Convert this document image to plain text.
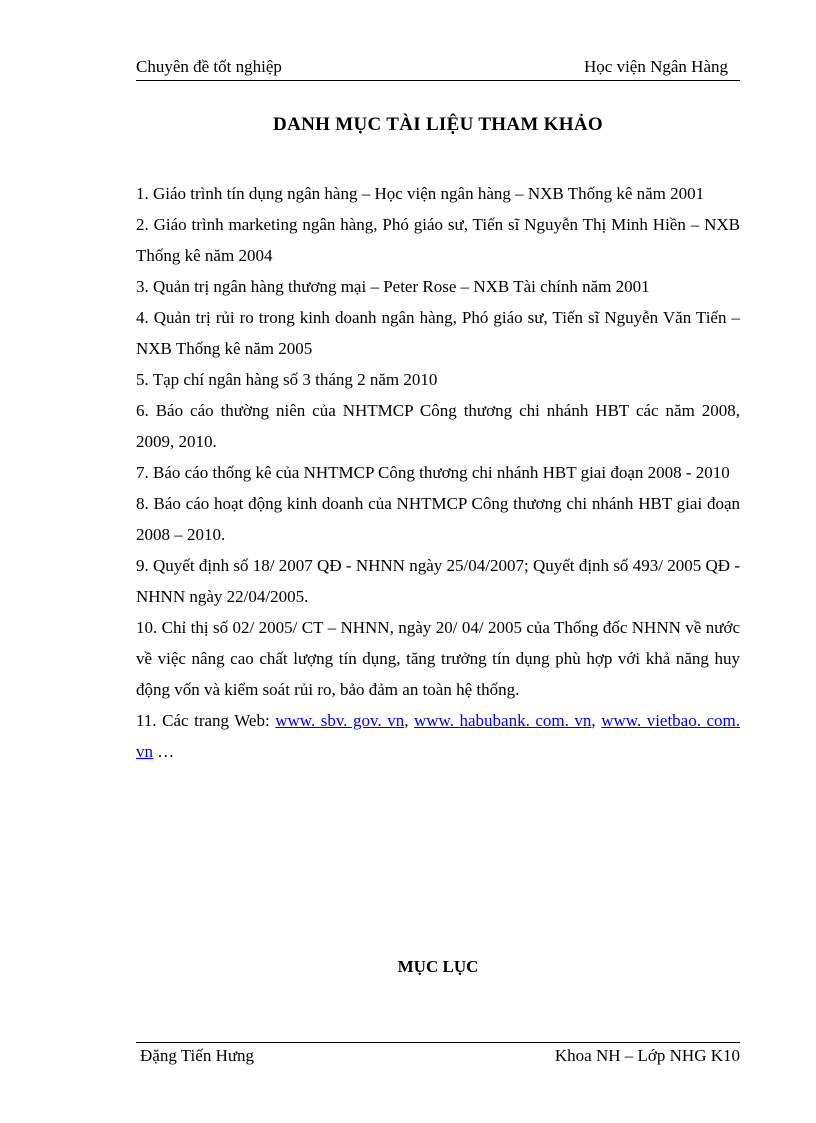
Chuyên đề tốt nghiệp	Học viện Ngân Hàng
DANH MỤC TÀI LIỆU THAM KHẢO

1. Giáo trình tín dụng ngân hàng – Học viện ngân hàng – NXB Thống kê năm 2001

2. Giáo trình marketing ngân hàng, Phó giáo sư, Tiến sĩ Nguyễn Thị Minh Hiền – NXB Thống kê năm 2004

3. Quản trị ngân hàng thương mại – Peter Rose – NXB Tài chính năm 2001

4. Quản trị rủi ro trong kinh doanh ngân hàng, Phó giáo sư, Tiến sĩ Nguyễn Văn Tiến – NXB Thống kê năm 2005

5. Tạp chí ngân hàng số 3 tháng 2 năm 2010

6. Báo cáo thường niên của NHTMCP Công thương chi nhánh HBT các năm 2008, 2009, 2010.

7. Báo cáo thống kê của NHTMCP Công thương chi nhánh HBT giai đoạn 2008 - 2010

8. Báo cáo hoạt động kinh doanh của NHTMCP Công thương chi nhánh HBT giai đoạn 2008 – 2010.

9. Quyết định số 18/ 2007 QĐ - NHNN ngày 25/04/2007; Quyết định số 493/ 2005 QĐ - NHNN ngày 22/04/2005.

10. Chỉ thị số 02/ 2005/ CT – NHNN, ngày 20/ 04/ 2005 của Thống đốc NHNN về nước về việc nâng cao chất lượng tín dụng, tăng trưởng tín dụng phù hợp với khả năng huy động vốn và kiểm soát rủi ro, bảo đảm an toàn hệ thống.

11. Các trang Web: www. sbv. gov. vn, www. habubank. com. vn, www. vietbao. com. vn …

MỤC LỤC
Đặng Tiến Hưng	Khoa NH – Lớp NHG K10
